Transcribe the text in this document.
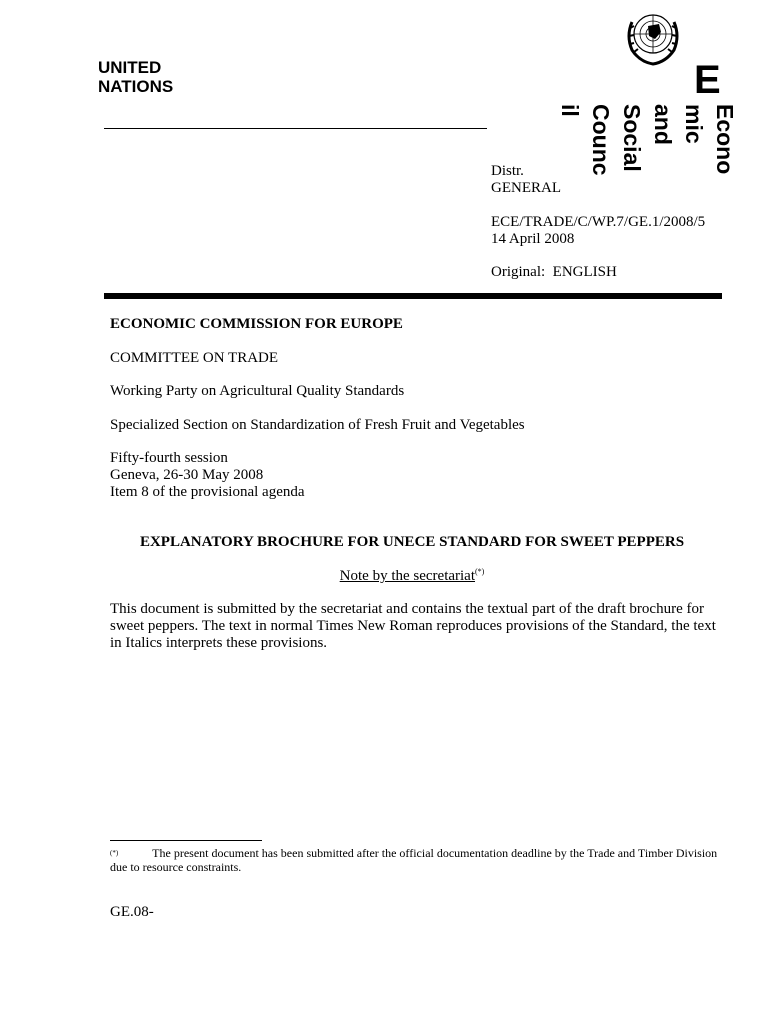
UNITED
NATIONS	E
Econo
mic
and
Social
Counc
il
Distr.
GENERAL
ECE/TRADE/C/WP.7/GE.1/2008/5
14 April 2008
Original: ENGLISH
ECONOMIC COMMISSION FOR EUROPE
COMMITTEE ON TRADE
Working Party on Agricultural Quality Standards
Specialized Section on Standardization of Fresh Fruit and Vegetables
Fifty-fourth session
Geneva, 26-30 May 2008
Item 8 of the provisional agenda
EXPLANATORY BROCHURE FOR UNECE STANDARD FOR SWEET PEPPERS
Note by the secretariat(*)
This document is submitted by the secretariat and contains the textual part of the draft brochure for sweet peppers. The text in normal Times New Roman reproduces provisions of the Standard, the text in Italics interprets these provisions.
(*)	The present document has been submitted after the official documentation deadline by the Trade and Timber Division due to resource constraints.
GE.08-
